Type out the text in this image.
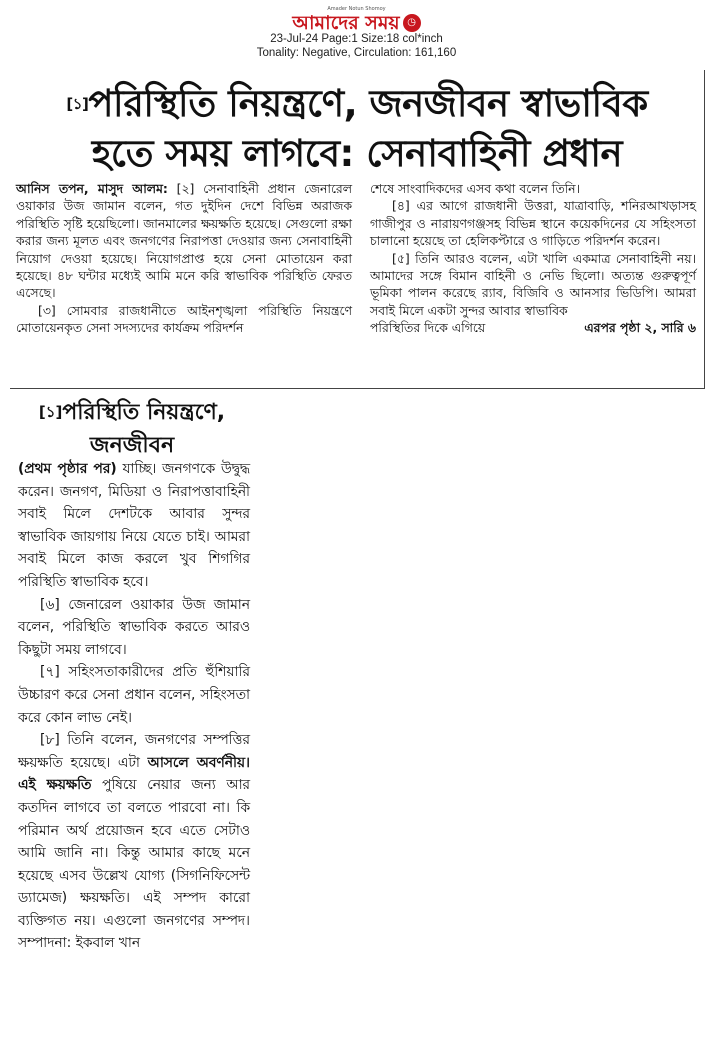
Amader Notun Shomoy
আমাদের সময় ◷
23-Jul-24 Page:1 Size:18 col*inch
Tonality: Negative, Circulation: 161,160
[১]পরিস্থিতি নিয়ন্ত্রণে, জনজীবন স্বাভাবিক
হতে সময় লাগবে: সেনাবাহিনী প্রধান

আনিস তপন, মাসুদ আলম: [২] সেনাবাহিনী প্রধান জেনারেল ওয়াকার উজ জামান বলেন, গত দুইদিন দেশে বিভিন্ন অরাজক পরিস্থিতি সৃষ্টি হয়েছিলো। জানমালের ক্ষয়ক্ষতি হয়েছে। সেগুলো রক্ষা করার জন্য মূলত এবং জনগণের নিরাপত্তা দেওয়ার জন্য সেনাবাহিনী নিয়োগ দেওয়া হয়েছে। নিয়োগপ্রাপ্ত হয়ে সেনা মোতায়েন করা হয়েছে। ৪৮ ঘন্টার মধ্যেই আমি মনে করি স্বাভাবিক পরিস্থিতি ফেরত এসেছে।

[৩] সোমবার রাজধানীতে আইনশৃঙ্খলা পরিস্থিতি নিয়ন্ত্রণে মোতায়েনকৃত সেনা সদস্যদের কার্যক্রম পরিদর্শন

শেষে সাংবাদিকদের এসব কথা বলেন তিনি।

[৪] এর আগে রাজধানী উত্তরা, যাত্রাবাড়ি, শনিরআখড়াসহ গাজীপুর ও নারায়ণগঞ্জসহ বিভিন্ন স্থানে কয়েকদিনের যে সহিংসতা চালানো হয়েছে তা হেলিকপ্টারে ও গাড়িতে পরিদর্শন করেন।

[৫] তিনি আরও বলেন, এটা খালি একমাত্র সেনাবাহিনী নয়। আমাদের সঙ্গে বিমান বাহিনী ও নেভি ছিলো। অত্যন্ত গুরুত্বপূর্ণ ভূমিকা পালন করেছে র‌্যাব, বিজিবি ও আনসার ভিডিপি। আমরা সবাই মিলে একটা সুন্দর আবার স্বাভাবিক

পরিস্থিতির দিকে এগিয়ে	এরপর পৃষ্ঠা ২, সারি ৬
[১]পরিস্থিতি নিয়ন্ত্রণে,
জনজীবন

(প্রথম পৃষ্ঠার পর) যাচ্ছি। জনগণকে উদ্বুদ্ধ করেন। জনগণ, মিডিয়া ও নিরাপত্তাবাহিনী সবাই মিলে দেশটকে আবার সুন্দর স্বাভাবিক জায়গায় নিয়ে যেতে চাই। আমরা সবাই মিলে কাজ করলে খুব শিগগির পরিস্থিতি স্বাভাবিক হবে।

[৬] জেনারেল ওয়াকার উজ জামান বলেন, পরিস্থিতি স্বাভাবিক করতে আরও কিছুটা সময় লাগবে।

[৭] সহিংসতাকারীদের প্রতি হুঁশিয়ারি উচ্চারণ করে সেনা প্রধান বলেন, সহিংসতা করে কোন লাভ নেই।

[৮] তিনি বলেন, জনগণের সম্পত্তির ক্ষয়ক্ষতি হয়েছে। এটা আসলে অবর্ণনীয়। এই ক্ষয়ক্ষতি পুষিয়ে নেয়ার জন্য আর কতদিন লাগবে তা বলতে পারবো না। কি পরিমান অর্থ প্রয়োজন হবে এতে সেটাও আমি জানি না। কিন্তু আমার কাছে মনে হয়েছে এসব উল্লেখ যোগ্য (সিগনিফিসেন্ট ড্যামেজ) ক্ষয়ক্ষতি। এই সম্পদ কারো ব্যক্তিগত নয়। এগুলো জনগণের সম্পদ। সম্পাদনা: ইকবাল খান
